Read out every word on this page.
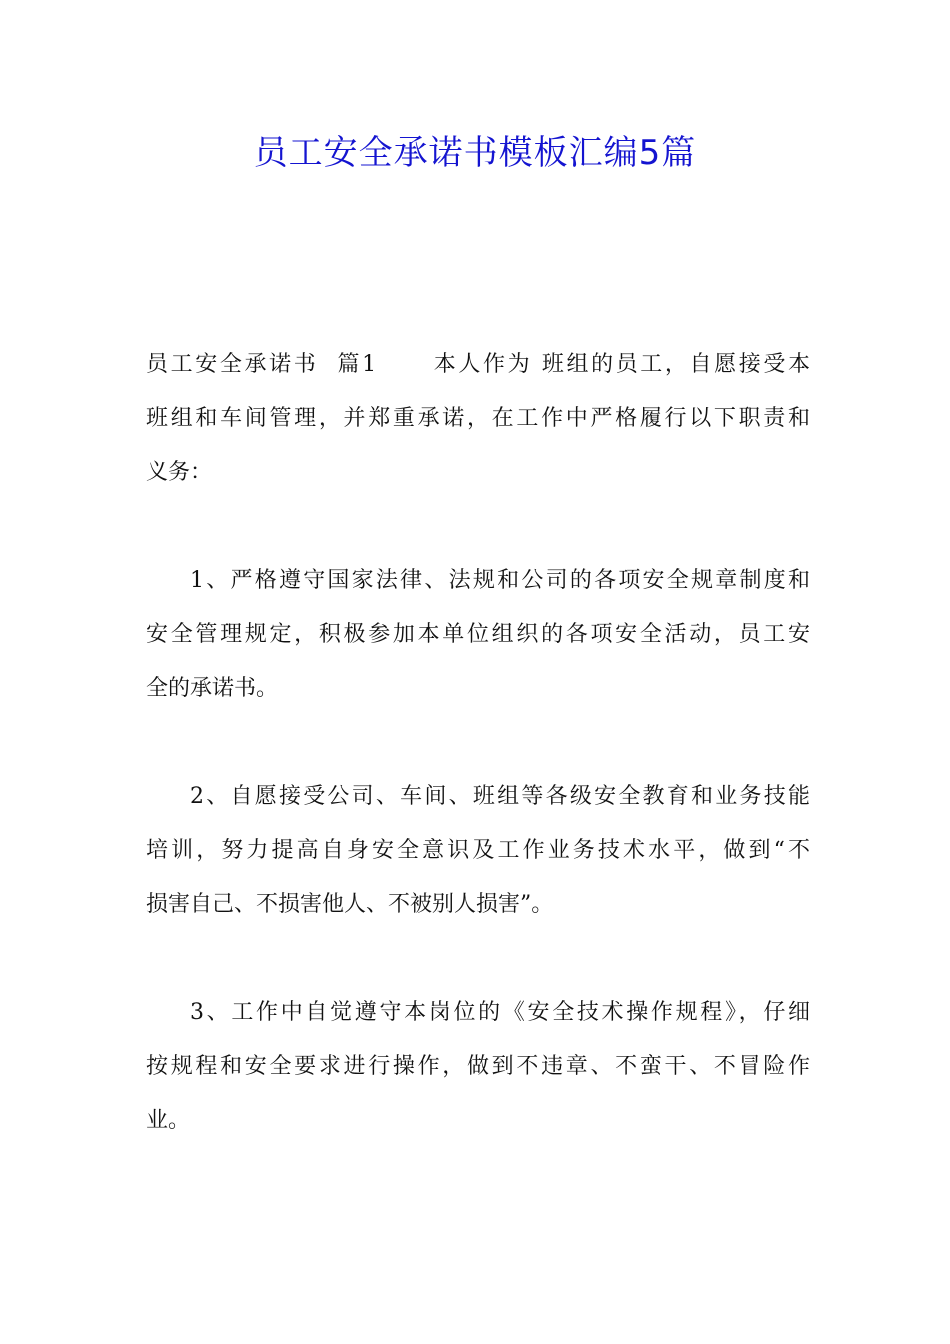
员工安全承诺书模板汇编5篇
员工安全承诺书  篇1      本人作为 班组的员工，自愿接受本
班组和车间管理，并郑重承诺，在工作中严格履行以下职责和
义务：
1、严格遵守国家法律、法规和公司的各项安全规章制度和
安全管理规定，积极参加本单位组织的各项安全活动，员工安
全的承诺书。
2、自愿接受公司、车间、班组等各级安全教育和业务技能
培训，努力提高自身安全意识及工作业务技术水平，做到“不
损害自己、不损害他人、不被别人损害”。
3、工作中自觉遵守本岗位的《安全技术操作规程》，仔细
按规程和安全要求进行操作，做到不违章、不蛮干、不冒险作
业。
